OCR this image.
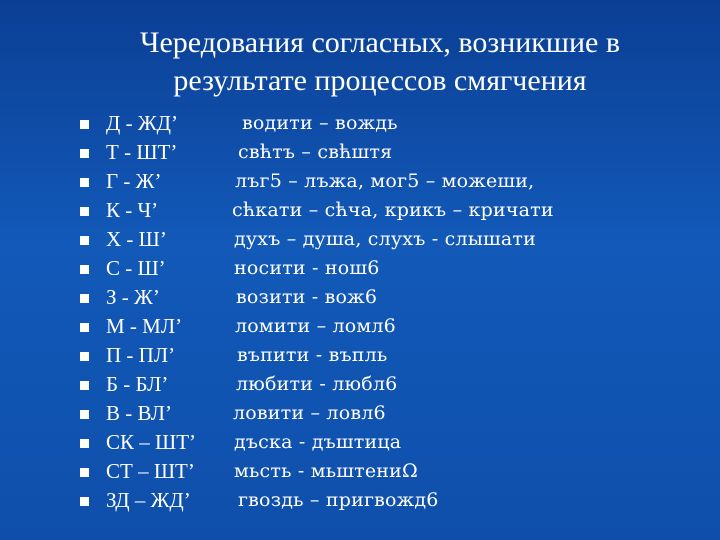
Чередования согласных, возникшие в
результате процессов смягчения
Д - ЖД’	водити – вождь
Т - ШТ’	свћтъ – свћштя
Г - Ж’	лъг5 – лъжа, мог5 – можеши,
К - Ч’	сћкати – сћча, крикъ – кричати
Х - Ш’	духъ – душа, слухъ - слышати
С - Ш’	носити - нош6
З - Ж’	возити - вож6
М - МЛ’	ломити – ломл6
П - ПЛ’	въпити - въпль
Б - БЛ’	любити - любл6
В - ВЛ’	ловити – ловл6
СК – ШТ’ дъска - дъштица
СТ – ШТ’ мьсть - мьштениΩ
ЗД – ЖД’ гвоздь – пригвожд6
